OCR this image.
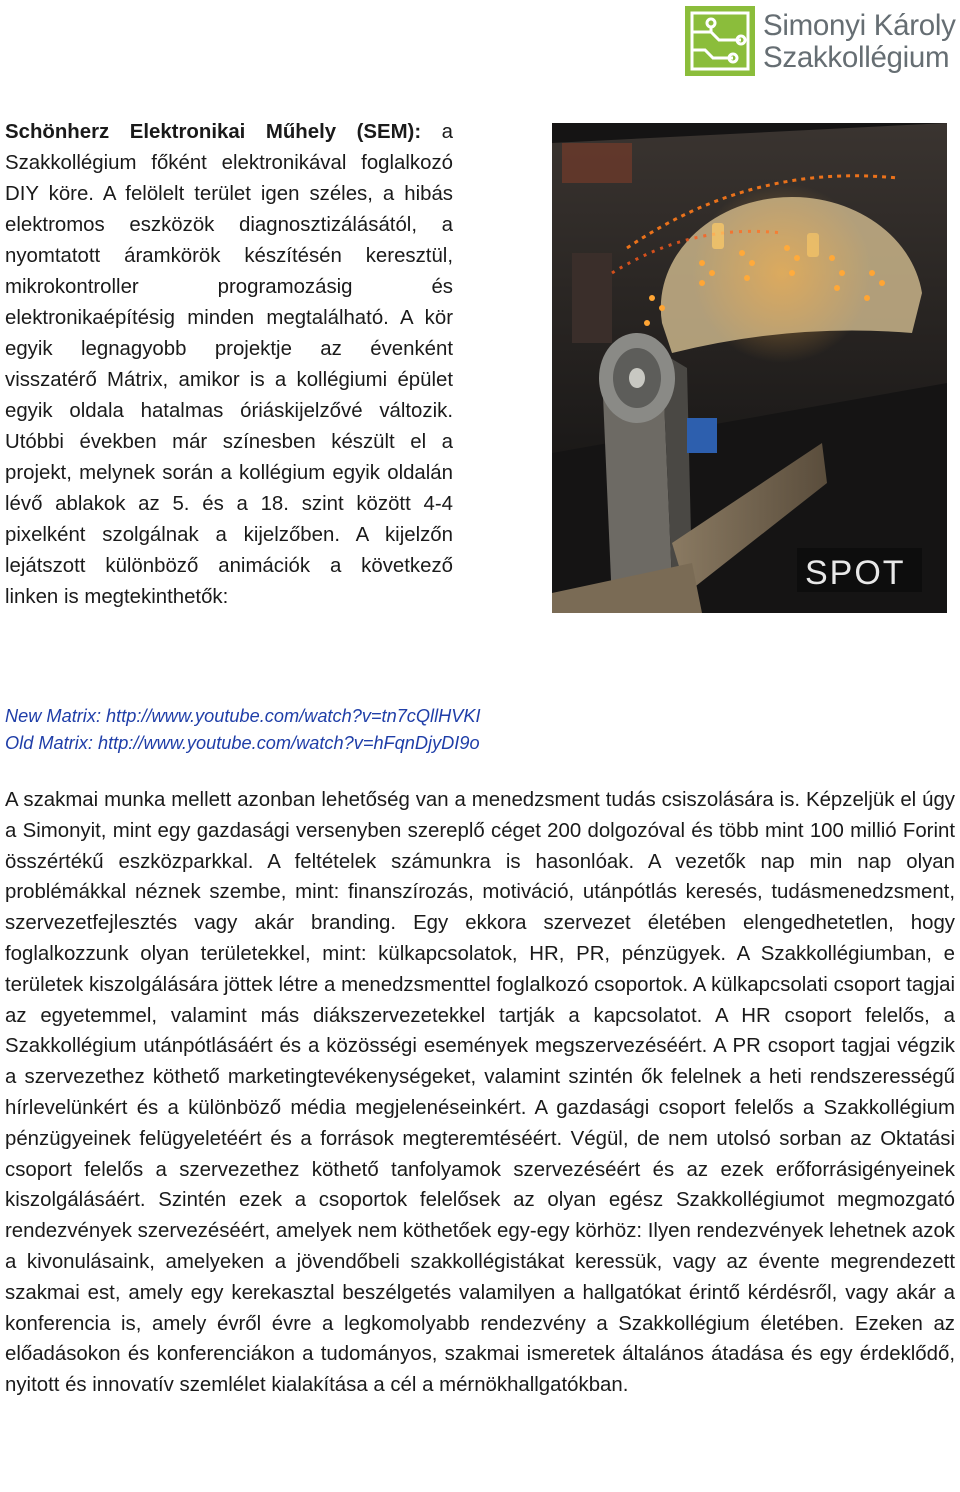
Simonyi Károly
Szakkollégium

Schönherz Elektronikai Műhely (SEM): a Szakkollégium főként elektronikával foglalkozó DIY köre. A felölelt terület igen széles, a hibás elektromos eszközök diagnosztizálásától, a nyomtatott áramkörök készítésén keresztül, mikrokontroller programozásig és elektronikaépítésig minden megtalálható. A kör egyik legnagyobb projektje az évenként visszatérő Mátrix, amikor is a kollégiumi épület egyik oldala hatalmas óriáskijelzővé változik. Utóbbi években már színesben készült el a projekt, melynek során a kollégium egyik oldalán lévő ablakok az 5. és a 18. szint között 4-4 pixelként szolgálnak a kijelzőben. A kijelzőn lejátszott különböző animációk a következő linken is megtekinthetők:

SPOT
New Matrix: http://www.youtube.com/watch?v=tn7cQllHVKI
Old Matrix: http://www.youtube.com/watch?v=hFqnDjyDI9o

A szakmai munka mellett azonban lehetőség van a menedzsment tudás csiszolására is. Képzeljük el úgy a Simonyit, mint egy gazdasági versenyben szereplő céget 200 dolgozóval és több mint 100 millió Forint összértékű eszközparkkal. A feltételek számunkra is hasonlóak. A vezetők nap min nap olyan problémákkal néznek szembe, mint: finanszírozás, motiváció, utánpótlás keresés, tudásmenedzsment, szervezetfejlesztés vagy akár branding. Egy ekkora szervezet életében elengedhetetlen, hogy foglalkozzunk olyan területekkel, mint: külkapcsolatok, HR, PR, pénzügyek. A Szakkollégiumban, e területek kiszolgálására jöttek létre a menedzsmenttel foglalkozó csoportok. A külkapcsolati csoport tagjai az egyetemmel, valamint más diákszervezetekkel tartják a kapcsolatot. A HR csoport felelős, a Szakkollégium utánpótlásáért és a közösségi események megszervezéséért. A PR csoport tagjai végzik a szervezethez köthető marketingtevékenységeket, valamint szintén ők felelnek a heti rendszerességű hírlevelünkért és a különböző média megjelenéseinkért. A gazdasági csoport felelős a Szakkollégium pénzügyeinek felügyeletéért és a források megteremtéséért. Végül, de nem utolsó sorban az Oktatási csoport felelős a szervezethez köthető tanfolyamok szervezéséért és az ezek erőforrásigényeinek kiszolgálásáért. Szintén ezek a csoportok felelősek az olyan egész Szakkollégiumot megmozgató rendezvények szervezéséért, amelyek nem köthetőek egy-egy körhöz: Ilyen rendezvények lehetnek azok a kivonulásaink, amelyeken a jövendőbeli szakkollégistákat keressük, vagy az évente megrendezett szakmai est, amely egy kerekasztal beszélgetés valamilyen a hallgatókat érintő kérdésről, vagy akár a konferencia is, amely évről évre a legkomolyabb rendezvény a Szakkollégium életében. Ezeken az előadásokon és konferenciákon a tudományos, szakmai ismeretek általános átadása és egy érdeklődő, nyitott és innovatív szemlélet kialakítása a cél a mérnökhallgatókban.
